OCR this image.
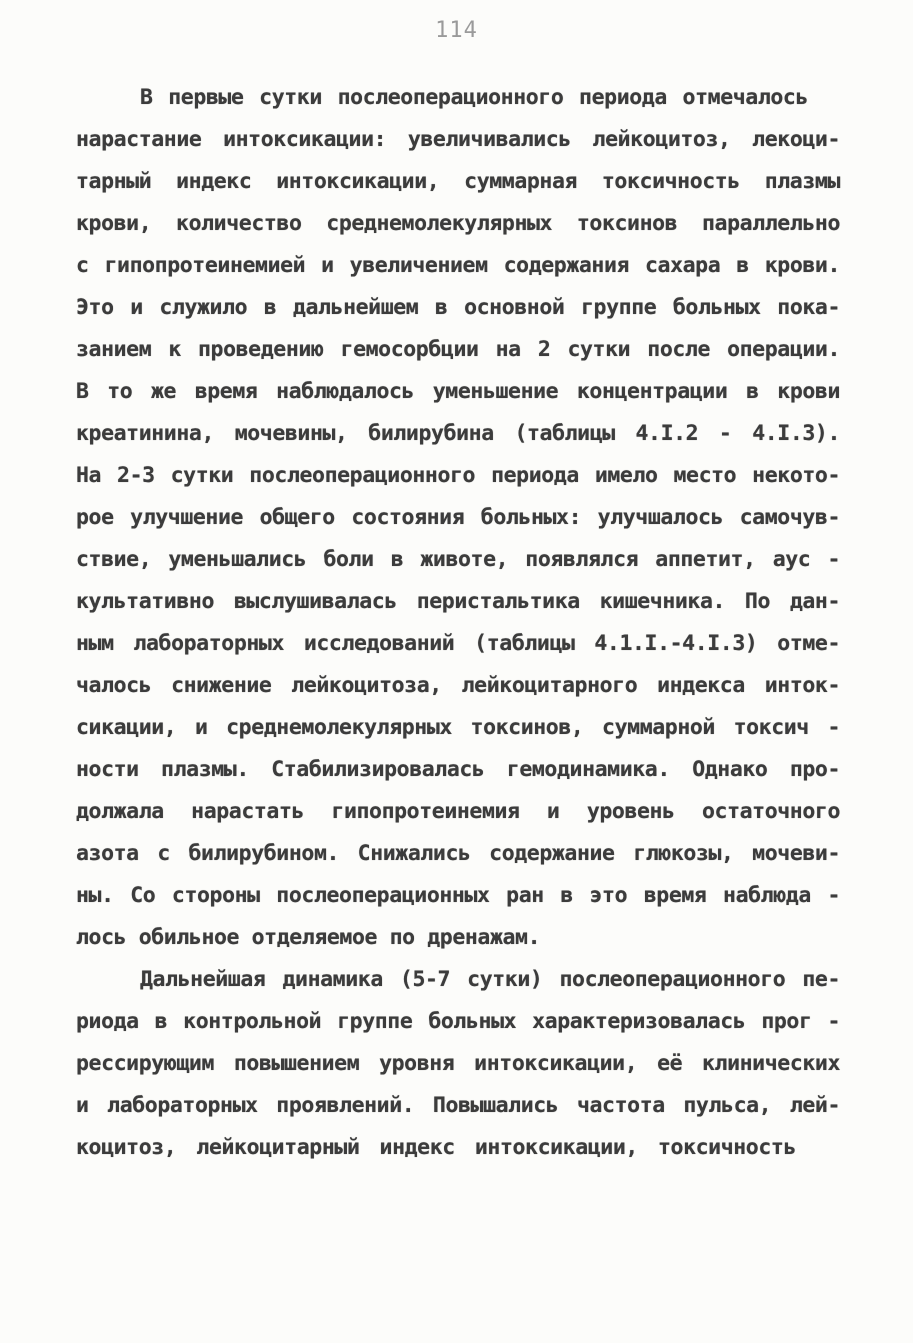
114
В первые сутки послеоперационного периода отмечалось
нарастание интоксикации: увеличивались лейкоцитоз, лекоци-
тарный индекс интоксикации, суммарная токсичность плазмы
крови, количество среднемолекулярных токсинов параллельно
с гипопротеинемией и увеличением содержания сахара в крови.
Это и служило в дальнейшем в основной группе больных пока-
занием к проведению гемосорбции на 2 сутки после операции.
В то же время наблюдалось уменьшение концентрации в крови
креатинина, мочевины, билирубина (таблицы 4.I.2 - 4.I.3).
На 2-3 сутки послеоперационного периода имело место некото-
рое улучшение общего состояния больных: улучшалось самочув-
ствие, уменьшались боли в животе, появлялся аппетит, аус -
культативно выслушивалась перистальтика кишечника. По дан-
ным лабораторных исследований (таблицы 4.1.I.-4.I.3) отме-
чалось снижение лейкоцитоза, лейкоцитарного индекса инток-
сикации, и среднемолекулярных токсинов, суммарной токсич -
ности плазмы. Стабилизировалась гемодинамика. Однако про-
должала нарастать гипопротеинемия и уровень остаточного
азота с билирубином. Снижались содержание глюкозы, мочеви-
ны. Со стороны послеоперационных ран в это время наблюда -
лось обильное отделяемое по дренажам.
Дальнейшая динамика (5-7 сутки) послеоперационного пе-
риода в контрольной группе больных характеризовалась прог -
рессирующим повышением уровня интоксикации, её клинических
и лабораторных проявлений. Повышались частота пульса, лей-
коцитоз, лейкоцитарный индекс интоксикации, токсичность
